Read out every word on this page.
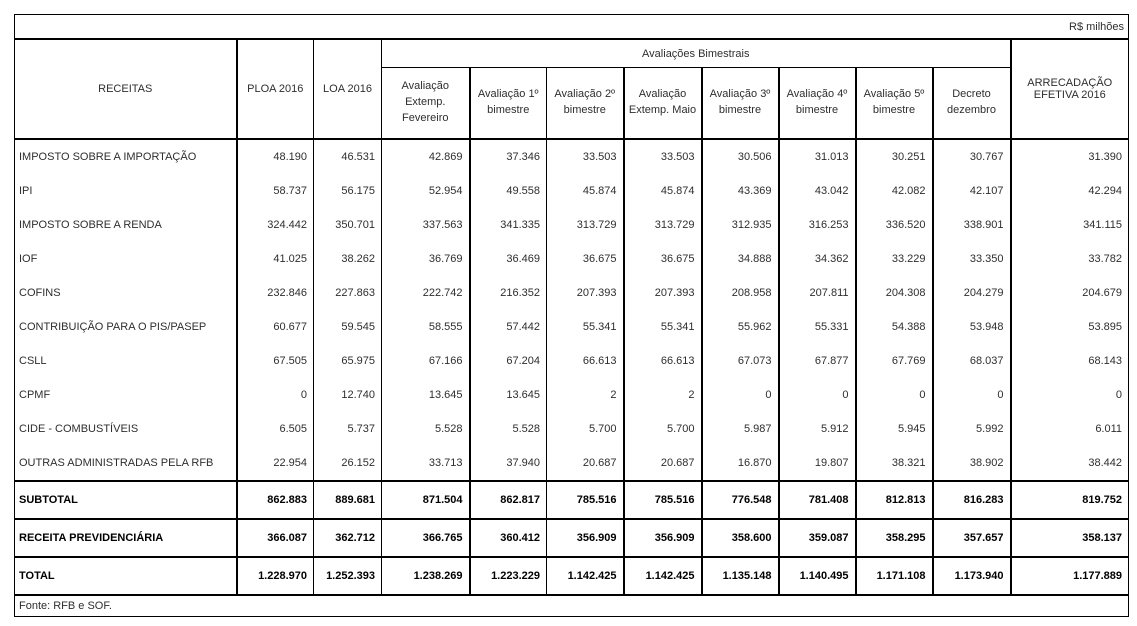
R$ milhões											
RECEITAS	PLOA 2016	LOA 2016	Avaliações Bimestrais								ARRECADAÇÃO EFETIVA 2016
			Avaliação Extemp. Fevereiro	Avaliação 1º bimestre	Avaliação 2º bimestre	Avaliação Extemp. Maio	Avaliação 3º bimestre	Avaliação 4º bimestre	Avaliação 5º bimestre	Decreto dezembro	
IMPOSTO SOBRE A IMPORTAÇÃO	48.190	46.531	42.869	37.346	33.503	33.503	30.506	31.013	30.251	30.767	31.390
IPI	58.737	56.175	52.954	49.558	45.874	45.874	43.369	43.042	42.082	42.107	42.294
IMPOSTO SOBRE A RENDA	324.442	350.701	337.563	341.335	313.729	313.729	312.935	316.253	336.520	338.901	341.115
IOF	41.025	38.262	36.769	36.469	36.675	36.675	34.888	34.362	33.229	33.350	33.782
COFINS	232.846	227.863	222.742	216.352	207.393	207.393	208.958	207.811	204.308	204.279	204.679
CONTRIBUIÇÃO PARA O PIS/PASEP	60.677	59.545	58.555	57.442	55.341	55.341	55.962	55.331	54.388	53.948	53.895
CSLL	67.505	65.975	67.166	67.204	66.613	66.613	67.073	67.877	67.769	68.037	68.143
CPMF	0	12.740	13.645	13.645	2	2	0	0	0	0	0
CIDE - COMBUSTÍVEIS	6.505	5.737	5.528	5.528	5.700	5.700	5.987	5.912	5.945	5.992	6.011
OUTRAS ADMINISTRADAS PELA RFB	22.954	26.152	33.713	37.940	20.687	20.687	16.870	19.807	38.321	38.902	38.442
SUBTOTAL	862.883	889.681	871.504	862.817	785.516	785.516	776.548	781.408	812.813	816.283	819.752
RECEITA PREVIDENCIÁRIA	366.087	362.712	366.765	360.412	356.909	356.909	358.600	359.087	358.295	357.657	358.137
TOTAL	1.228.970	1.252.393	1.238.269	1.223.229	1.142.425	1.142.425	1.135.148	1.140.495	1.171.108	1.173.940	1.177.889
Fonte: RFB e SOF.											
